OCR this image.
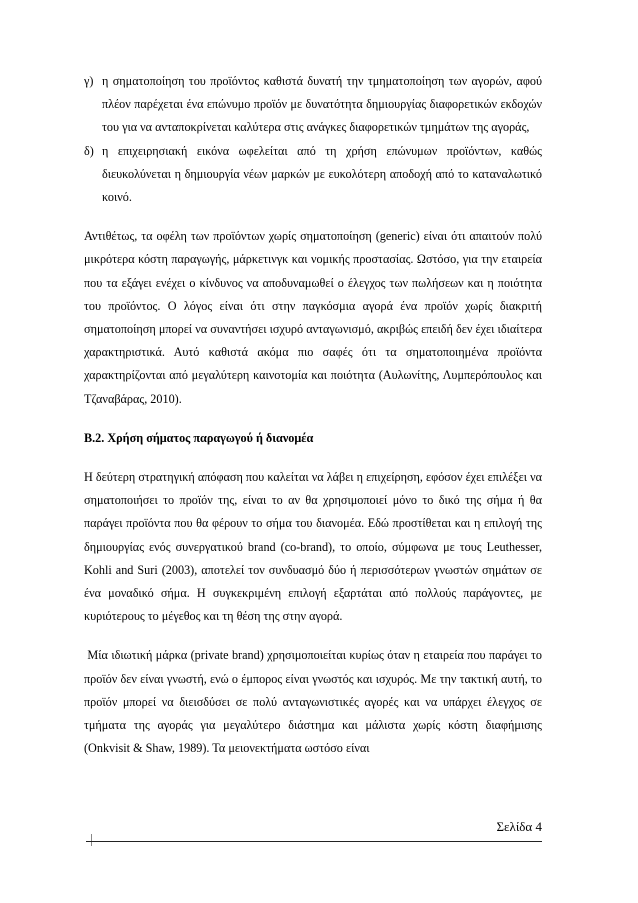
γ) η σηματοποίηση του προϊόντος καθιστά δυνατή την τμηματοποίηση των αγορών, αφού πλέον παρέχεται ένα επώνυμο προϊόν με δυνατότητα δημιουργίας διαφορετικών εκδοχών του για να ανταποκρίνεται καλύτερα στις ανάγκες διαφορετικών τμημάτων της αγοράς,
δ) η επιχειρησιακή εικόνα ωφελείται από τη χρήση επώνυμων προϊόντων, καθώς διευκολύνεται η δημιουργία νέων μαρκών με ευκολότερη αποδοχή από το καταναλωτικό κοινό.

Αντιθέτως, τα οφέλη των προϊόντων χωρίς σηματοποίηση (generic) είναι ότι απαιτούν πολύ μικρότερα κόστη παραγωγής, μάρκετινγκ και νομικής προστασίας. Ωστόσο, για την εταιρεία που τα εξάγει ενέχει ο κίνδυνος να αποδυναμωθεί ο έλεγχος των πωλήσεων και η ποιότητα του προϊόντος. Ο λόγος είναι ότι στην παγκόσμια αγορά ένα προϊόν χωρίς διακριτή σηματοποίηση μπορεί να συναντήσει ισχυρό ανταγωνισμό, ακριβώς επειδή δεν έχει ιδιαίτερα χαρακτηριστικά. Αυτό καθιστά ακόμα πιο σαφές ότι τα σηματοποιημένα προϊόντα χαρακτηρίζονται από μεγαλύτερη καινοτομία και ποιότητα (Αυλωνίτης, Λυμπερόπουλος και Τζαναβάρας, 2010).

Β.2. Χρήση σήματος παραγωγού ή διανομέα

Η δεύτερη στρατηγική απόφαση που καλείται να λάβει η επιχείρηση, εφόσον έχει επιλέξει να σηματοποιήσει το προϊόν της, είναι το αν θα χρησιμοποιεί μόνο το δικό της σήμα ή θα παράγει προϊόντα που θα φέρουν το σήμα του διανομέα. Εδώ προστίθεται και η επιλογή της δημιουργίας ενός συνεργατικού brand (co-brand), το οποίο, σύμφωνα με τους Leuthesser, Kohli and Suri (2003), αποτελεί τον συνδυασμό δύο ή περισσότερων γνωστών σημάτων σε ένα μοναδικό σήμα. Η συγκεκριμένη επιλογή εξαρτάται από πολλούς παράγοντες, με κυριότερους το μέγεθος και τη θέση της στην αγορά.

Μία ιδιωτική μάρκα (private brand) χρησιμοποιείται κυρίως όταν η εταιρεία που παράγει το προϊόν δεν είναι γνωστή, ενώ ο έμπορος είναι γνωστός και ισχυρός. Με την τακτική αυτή, το προϊόν μπορεί να διεισδύσει σε πολύ ανταγωνιστικές αγορές και να υπάρχει έλεγχος σε τμήματα της αγοράς για μεγαλύτερο διάστημα και μάλιστα χωρίς κόστη διαφήμισης (Onkvisit & Shaw, 1989). Τα μειονεκτήματα ωστόσο είναι

Σελίδα 4
